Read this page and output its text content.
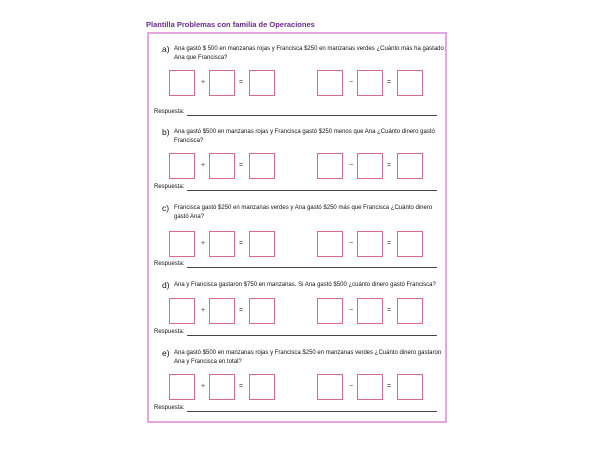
Plantilla Problemas con familia de Operaciones
a) Ana gastó $ 500 en manzanas rojas y Francisca $250 en manzanas verdes ¿Cuánto más ha gastado Ana que Francisca?
+	=	−	=
Respuesta:
b) Ana gastó $500 en manzanas rojas y Francisca gastó $250 menos que Ana ¿Cuánto dinero gastó Francisca?
+	=	−	=
Respuesta:
c) Francisca gastó $250 en manzanas verdes y Ana gastó $250 más que Francisca ¿Cuánto dinero gastó Ana?
+	=	−	=
Respuesta:
d) Ana y Francisca gastaron $750 en manzanas. Si Ana gastó $500 ¿cuánto dinero gastó Francisca?
+	=	−	=
Respuesta:
e) Ana gastó $500 en manzanas rojas y Francisca $250 en manzanas verdes ¿Cuánto dinero gastaron Ana y Francisca en total?
+	=	−	=
Respuesta:
